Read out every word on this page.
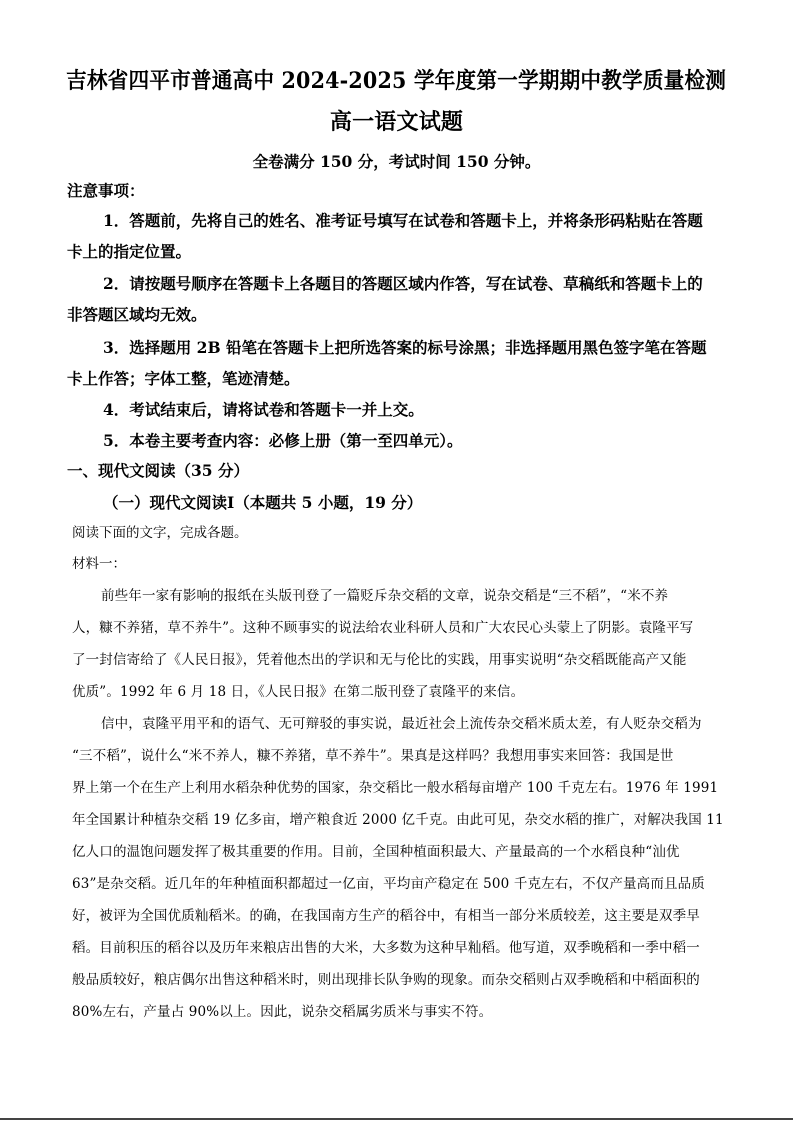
吉林省四平市普通高中 2024-2025 学年度第一学期期中教学质量检测
高一语文试题
全卷满分 150 分，考试时间 150 分钟。
注意事项：
1．答题前，先将自己的姓名、准考证号填写在试卷和答题卡上，并将条形码粘贴在答题
卡上的指定位置。
2．请按题号顺序在答题卡上各题目的答题区域内作答，写在试卷、草稿纸和答题卡上的
非答题区域均无效。
3．选择题用 2B 铅笔在答题卡上把所选答案的标号涂黑；非选择题用黑色签字笔在答题
卡上作答；字体工整，笔迹清楚。
4．考试结束后，请将试卷和答题卡一并上交。
5．本卷主要考查内容：必修上册（第一至四单元）。
一、现代文阅读（35 分）
（一）现代文阅读Ⅰ（本题共 5 小题，19 分）
阅读下面的文字，完成各题。
材料一：
前些年一家有影响的报纸在头版刊登了一篇贬斥杂交稻的文章，说杂交稻是“三不稻”，“米不养
人，糠不养猪，草不养牛”。这种不顾事实的说法给农业科研人员和广大农民心头蒙上了阴影。袁隆平写
了一封信寄给了《人民日报》，凭着他杰出的学识和无与伦比的实践，用事实说明“杂交稻既能高产又能
优质”。1992 年 6 月 18 日，《人民日报》在第二版刊登了袁隆平的来信。
信中，袁隆平用平和的语气、无可辩驳的事实说，最近社会上流传杂交稻米质太差，有人贬杂交稻为
“三不稻”，说什么“米不养人，糠不养猪，草不养牛”。果真是这样吗？我想用事实来回答：我国是世
界上第一个在生产上利用水稻杂种优势的国家，杂交稻比一般水稻每亩增产 100 千克左右。1976 年 1991
年全国累计种植杂交稻 19 亿多亩，增产粮食近 2000 亿千克。由此可见，杂交水稻的推广，对解决我国 11
亿人口的温饱问题发挥了极其重要的作用。目前，全国种植面积最大、产量最高的一个水稻良种“汕优
63”是杂交稻。近几年的年种植面积都超过一亿亩，平均亩产稳定在 500 千克左右，不仅产量高而且品质
好，被评为全国优质籼稻米。的确，在我国南方生产的稻谷中，有相当一部分米质较差，这主要是双季早
稻。目前积压的稻谷以及历年来粮店出售的大米，大多数为这种早籼稻。他写道，双季晚稻和一季中稻一
般品质较好，粮店偶尔出售这种稻米时，则出现排长队争购的现象。而杂交稻则占双季晚稻和中稻面积的
80%左右，产量占 90%以上。因此，说杂交稻属劣质米与事实不符。
